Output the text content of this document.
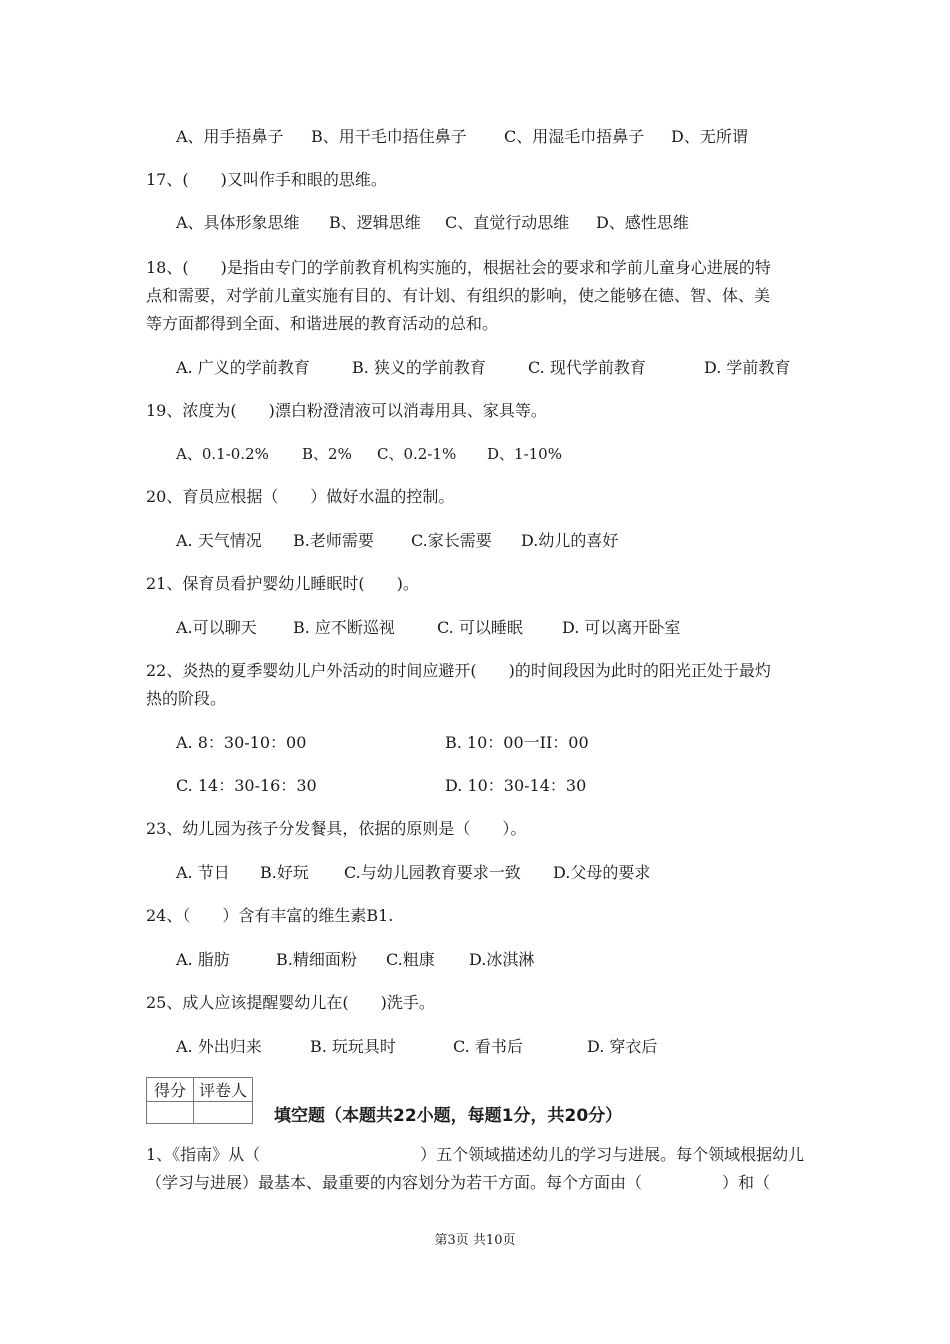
A、用手捂鼻子 B、用干毛巾捂住鼻子 C、用湿毛巾捂鼻子 D、无所谓
17、(　　)又叫作手和眼的思维。
A、具体形象思维 B、逻辑思维 C、直觉行动思维 D、感性思维
18、(　　)是指由专门的学前教育机构实施的，根据社会的要求和学前儿童身心进展的特
点和需要，对学前儿童实施有目的、有计划、有组织的影响，使之能够在德、智、体、美
等方面都得到全面、和谐进展的教育活动的总和。
A. 广义的学前教育	B. 狭义的学前教育	C. 现代学前教育	D. 学前教育
19、浓度为(　　)漂白粉澄清液可以消毒用具、家具等。
A、0.1-0.2% B、2% C、0.2-1% D、1-10%
20、育员应根据（　　）做好水温的控制。
A. 天气情况 B.老师需要 C.家长需要 D.幼儿的喜好
21、保育员看护婴幼儿睡眠时(　　)。
A.可以聊天 B. 应不断巡视	C. 可以睡眠 D. 可以离开卧室
22、炎热的夏季婴幼儿户外活动的时间应避开(　　)的时间段因为此时的阳光正处于最灼
热的阶段。
A. 8：30-10：00	B. 10：00一II：00
C. 14：30-16：30	D. 10：30-14：30
23、幼儿园为孩子分发餐具，依据的原则是（　　）。
A. 节日 B.好玩 C.与幼儿园教育要求一致 D.父母的要求
24、（　　）含有丰富的维生素B1.
A. 脂肪	B.精细面粉 C.粗康 D.冰淇淋
25、成人应该提醒婴幼儿在(　　)洗手。
A. 外出归来	B. 玩玩具时	C. 看书后	D. 穿衣后
得分	评卷人

填空题（本题共22小题，每题1分，共20分）
1、《指南》从（　　　　　　　　　　）五个领域描述幼儿的学习与进展。每个领域根据幼儿
（学习与进展）最基本、最重要的内容划分为若干方面。每个方面由（　　　　　）和（
第3页 共10页
